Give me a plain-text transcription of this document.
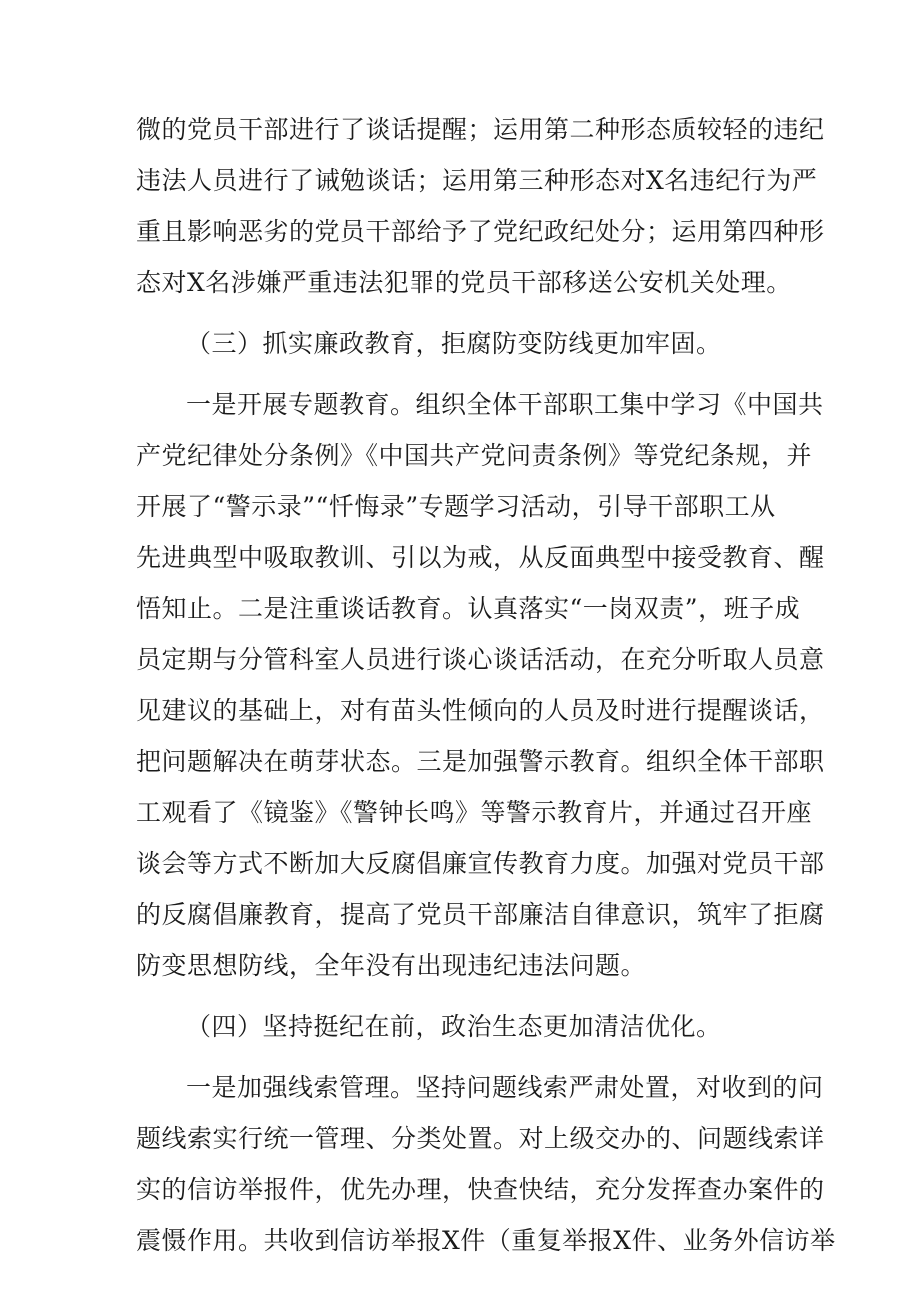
微的党员干部进行了谈话提醒；运用第二种形态质较轻的违纪
违法人员进行了诫勉谈话；运用第三种形态对X名违纪行为严
重且影响恶劣的党员干部给予了党纪政纪处分；运用第四种形
态对X名涉嫌严重违法犯罪的党员干部移送公安机关处理。
（三）抓实廉政教育，拒腐防变防线更加牢固。
一是开展专题教育。组织全体干部职工集中学习《中国共
产党纪律处分条例》《中国共产党问责条例》等党纪条规，并
开展了“警示录”“忏悔录”专题学习活动，引导干部职工从
先进典型中吸取教训、引以为戒，从反面典型中接受教育、醒
悟知止。二是注重谈话教育。认真落实“一岗双责”，班子成
员定期与分管科室人员进行谈心谈话活动，在充分听取人员意
见建议的基础上，对有苗头性倾向的人员及时进行提醒谈话，
把问题解决在萌芽状态。三是加强警示教育。组织全体干部职
工观看了《镜鉴》《警钟长鸣》等警示教育片，并通过召开座
谈会等方式不断加大反腐倡廉宣传教育力度。加强对党员干部
的反腐倡廉教育，提高了党员干部廉洁自律意识，筑牢了拒腐
防变思想防线，全年没有出现违纪违法问题。
（四）坚持挺纪在前，政治生态更加清洁优化。
一是加强线索管理。坚持问题线索严肃处置，对收到的问
题线索实行统一管理、分类处置。对上级交办的、问题线索详
实的信访举报件，优先办理，快查快结，充分发挥查办案件的
震慑作用。共收到信访举报X件（重复举报X件、业务外信访举
